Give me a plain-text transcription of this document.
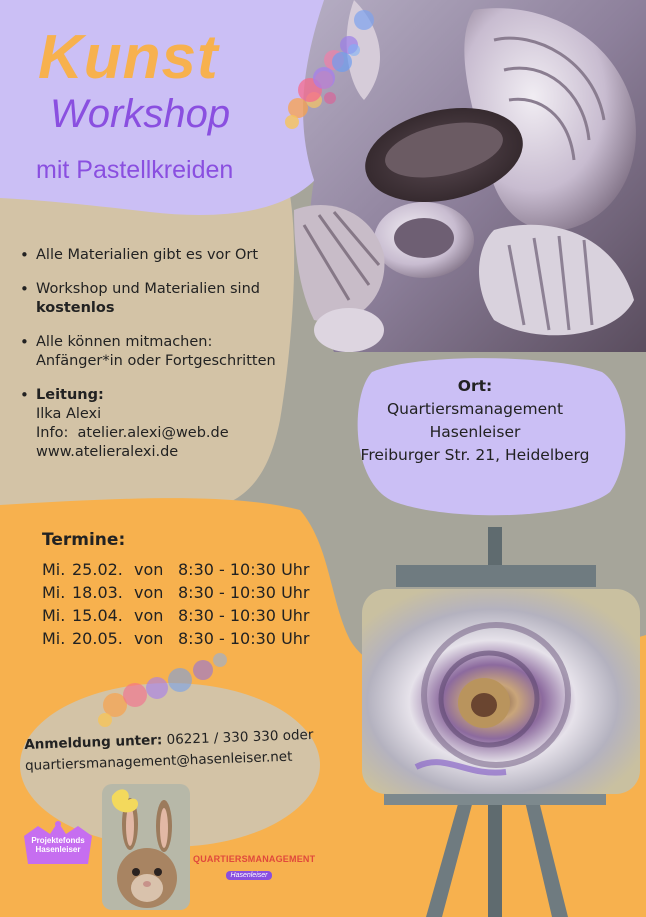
Kunst
Workshop
mit Pastellkreiden
• Alle Materialien gibt es vor Ort
• Workshop und Materialien sind
kostenlos
• Alle können mitmachen:
Anfänger*in oder Fortgeschritten
• Leitung:
Ilka Alexi
Info: atelier.alexi@web.de
www.atelieralexi.de
Ort:
Quartiersmanagement
Hasenleiser
Freiburger Str. 21, Heidelberg
Termine:
Mi. 25.02. von 8:30 - 10:30 Uhr
Mi. 18.03. von 8:30 - 10:30 Uhr
Mi. 15.04. von 8:30 - 10:30 Uhr
Mi. 20.05. von 8:30 - 10:30 Uhr
Anmeldung unter: 06221 / 330 330 oder
quartiersmanagement@hasenleiser.net
Projektefonds
Hasenleiser
QUARTIERSMANAGEMENT
Hasenleiser
